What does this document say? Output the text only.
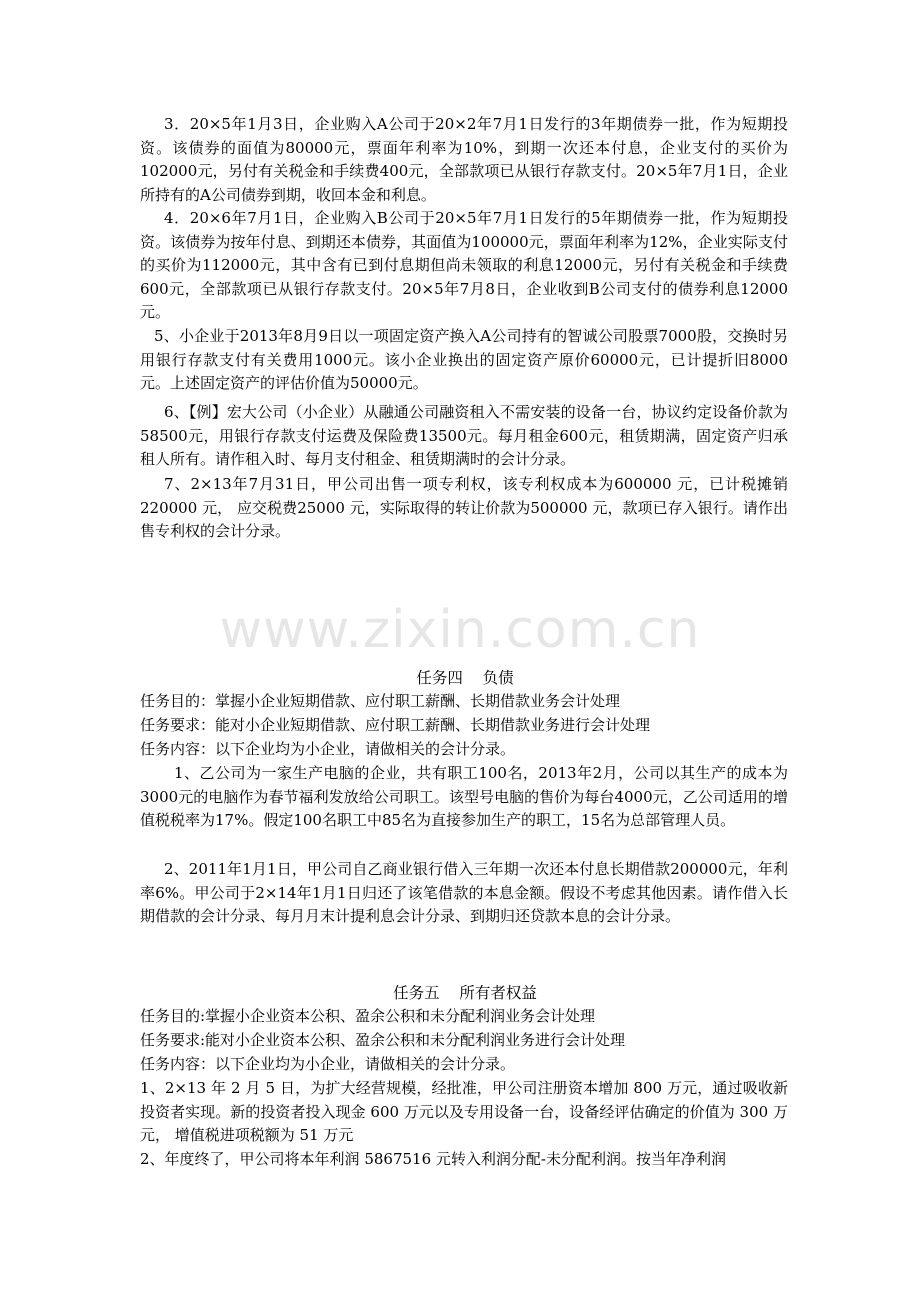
www.zixin.com.cn

3．20×5年1月3日，企业购入A公司于20×2年7月1日发行的3年期债券一批，作为短期投资。该债券的面值为80000元，票面年利率为10%，到期一次还本付息，企业支付的买价为102000元，另付有关税金和手续费400元，全部款项已从银行存款支付。20×5年7月1日，企业所持有的A公司债券到期，收回本金和利息。

4．20×6年7月1日，企业购入B公司于20×5年7月1日发行的5年期债券一批，作为短期投资。该债券为按年付息、到期还本债券，其面值为100000元，票面年利率为12%，企业实际支付的买价为112000元，其中含有已到付息期但尚未领取的利息12000元，另付有关税金和手续费600元，全部款项已从银行存款支付。20×5年7月8日，企业收到B公司支付的债券利息12000元。

5、小企业于2013年8月9日以一项固定资产换入A公司持有的智诚公司股票7000股，交换时另用银行存款支付有关费用1000元。该小企业换出的固定资产原价60000元，已计提折旧8000元。上述固定资产的评估价值为50000元。

6、【例】宏大公司（小企业）从融通公司融资租入不需安装的设备一台，协议约定设备价款为58500元，用银行存款支付运费及保险费13500元。每月租金600元，租赁期满，固定资产归承租人所有。请作租入时、每月支付租金、租赁期满时的会计分录。

7、2×13年7月31日，甲公司出售一项专利权，该专利权成本为600000 元，已计税摊销220000 元， 应交税费25000 元，实际取得的转让价款为500000 元，款项已存入银行。请作出售专利权的会计分录。

任务四    负债

任务目的：掌握小企业短期借款、应付职工薪酬、长期借款业务会计处理

任务要求：能对小企业短期借款、应付职工薪酬、长期借款业务进行会计处理

任务内容：以下企业均为小企业，请做相关的会计分录。

1、乙公司为一家生产电脑的企业，共有职工100名，2013年2月，公司以其生产的成本为3000元的电脑作为春节福利发放给公司职工。该型号电脑的售价为每台4000元，乙公司适用的增值税税率为17%。假定100名职工中85名为直接参加生产的职工，15名为总部管理人员。

2、2011年1月1日，甲公司自乙商业银行借入三年期一次还本付息长期借款200000元，年利率6%。甲公司于2×14年1月1日归还了该笔借款的本息金额。假设不考虑其他因素。请作借入长期借款的会计分录、每月月末计提利息会计分录、到期归还贷款本息的会计分录。

任务五    所有者权益

任务目的:掌握小企业资本公积、盈余公积和未分配利润业务会计处理

任务要求:能对小企业资本公积、盈余公积和未分配利润业务进行会计处理

任务内容：以下企业均为小企业，请做相关的会计分录。

1、2×13 年 2 月 5 日，为扩大经营规模，经批准，甲公司注册资本增加 800 万元，通过吸收新投资者实现。新的投资者投入现金 600 万元以及专用设备一台，设备经评估确定的价值为 300 万元， 增值税进项税额为 51 万元

2、年度终了，甲公司将本年利润 5867516 元转入利润分配-未分配利润。按当年净利润
